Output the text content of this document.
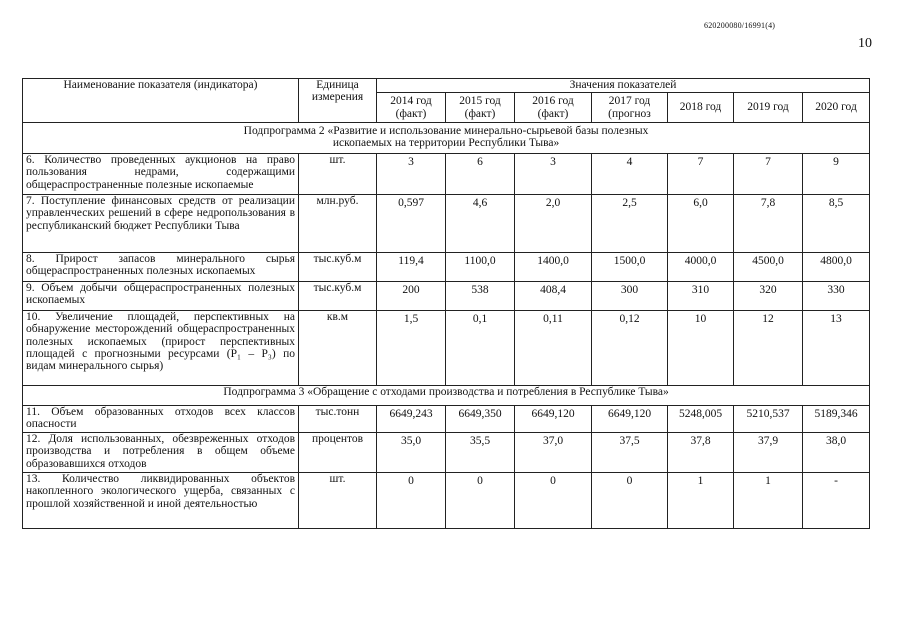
620200080/16991(4)
10
Наименование показателя (индикатора)	Единица измерения	Значения показателей						
		2014 год (факт)	2015 год (факт)	2016 год (факт)	2017 год (прогноз	2018 год	2019 год	2020 год

Подпрограмма 2 «Развитие и использование минерально-сырьевой базы полезных ископаемых на территории Республики Тыва»								

6. Количество проведенных аукционов на право пользования недрами, содержащими общераспространенные полезные ископаемые	шт.	3	6	3	4	7	7	9
7. Поступление финансовых средств от реализации управленческих решений в сфере недропользования в республиканский бюджет Республики Тыва	млн.руб.	0,597	4,6	2,0	2,5	6,0	7,8	8,5
8. Прирост запасов минерального сырья общераспространенных полезных ископаемых	тыс.куб.м	119,4	1100,0	1400,0	1500,0	4000,0	4500,0	4800,0
9. Объем добычи общераспространенных полезных ископаемых	тыс.куб.м	200	538	408,4	300	310	320	330
10. Увеличение площадей, перспективных на обнаружение месторождений общераспространенных полезных ископаемых (прирост перспективных площадей с прогнозными ресурсами (P₁ – P₃) по видам минерального сырья)	кв.м	1,5	0,1	0,11	0,12	10	12	13
Подпрограмма 3 «Обращение с отходами производства и потребления в Республике Тыва»								
11. Объем образованных отходов всех классов опасности	тыс.тонн	6649,243	6649,350	6649,120	6649,120	5248,005	5210,537	5189,346
12. Доля использованных, обезвреженных отходов производства и потребления в общем объеме образовавшихся отходов	процентов	35,0	35,5	37,0	37,5	37,8	37,9	38,0
13. Количество ликвидированных объектов накопленного экологического ущерба, связанных с прошлой хозяйственной и иной деятельностью	шт.	0	0	0	0	1	1	-
